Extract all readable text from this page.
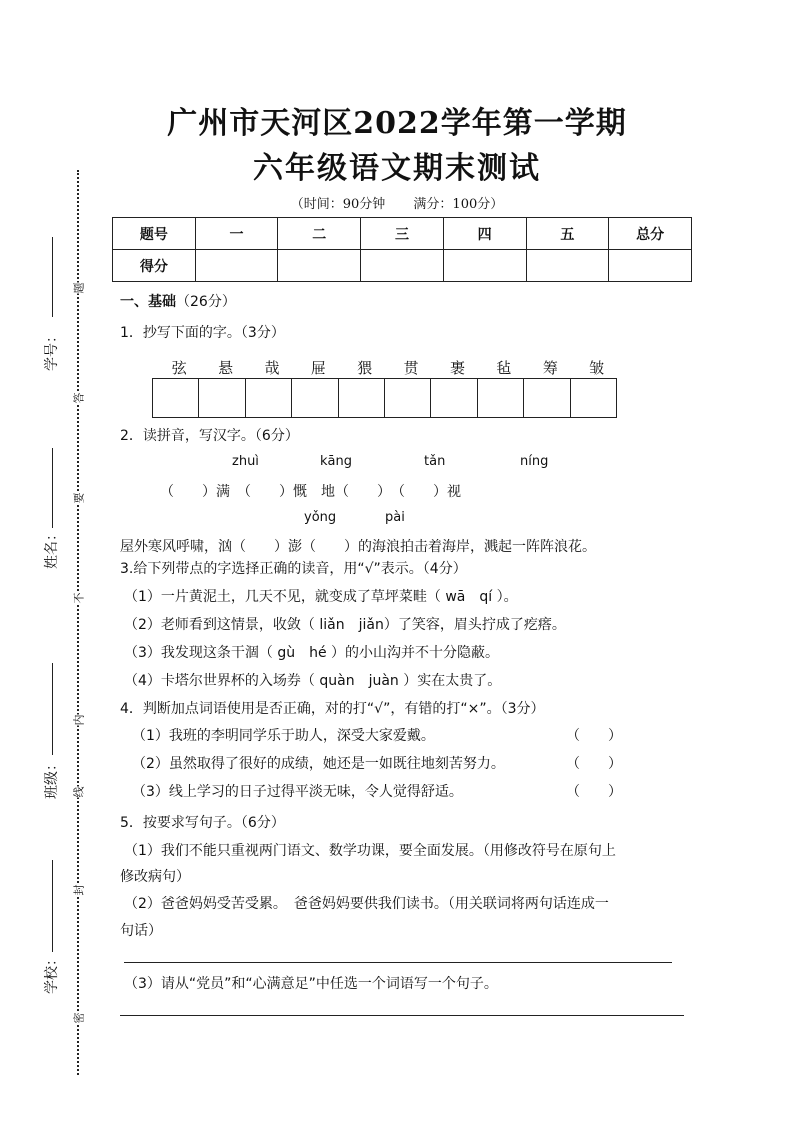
学号：
姓名：
班级：
学校：
题
答
要
不
内
线
封
密
广州市天河区2022学年第一学期
六年级语文期末测试
（时间：90分钟 满分：100分）
题号	一	二	三	四	五	总分
得分						
一、基础（26分）
1．抄写下面的字。（3分）
弦 悬 哉 屉 猥 贯 裹 毡 筹 皱
2．读拼音，写汉字。（6分）
zhuì	kāng	tǎn	níng
（　　）满　（　　）慨　地（　　）　（　　）视
yǒng	pài
屋外寒风呼啸，汹（　　）澎（　　）的海浪拍击着海岸，溅起一阵阵浪花。
3.给下列带点的字选择正确的读音，用“√”表示。（4分）
（1）一片黄泥土，几天不见，就变成了草坪菜畦（ wā　qí ）。
（2）老师看到这情景，收敛（ liǎn　jiǎn）了笑容，眉头拧成了疙瘩。
（3）我发现这条干涸（ gù　hé ）的小山沟并不十分隐蔽。
（4）卡塔尔世界杯的入场券（ quàn　juàn ）实在太贵了。
4．判断加点词语使用是否正确，对的打“√”，有错的打“×”。（3分）
（1）我班的李明同学乐于助人，深受大家爱戴。	（　　）
（2）虽然取得了很好的成绩，她还是一如既往地刻苦努力。	（　　）
（3）线上学习的日子过得平淡无味，令人觉得舒适。	（　　）
5．按要求写句子。（6分）
（1）我们不能只重视两门语文、数学功课，要全面发展。（用修改符号在原句上
修改病句）
（2）爸爸妈妈受苦受累。　爸爸妈妈要供我们读书。（用关联词将两句话连成一
句话）
（3）请从“党员”和“心满意足”中任选一个词语写一个句子。
